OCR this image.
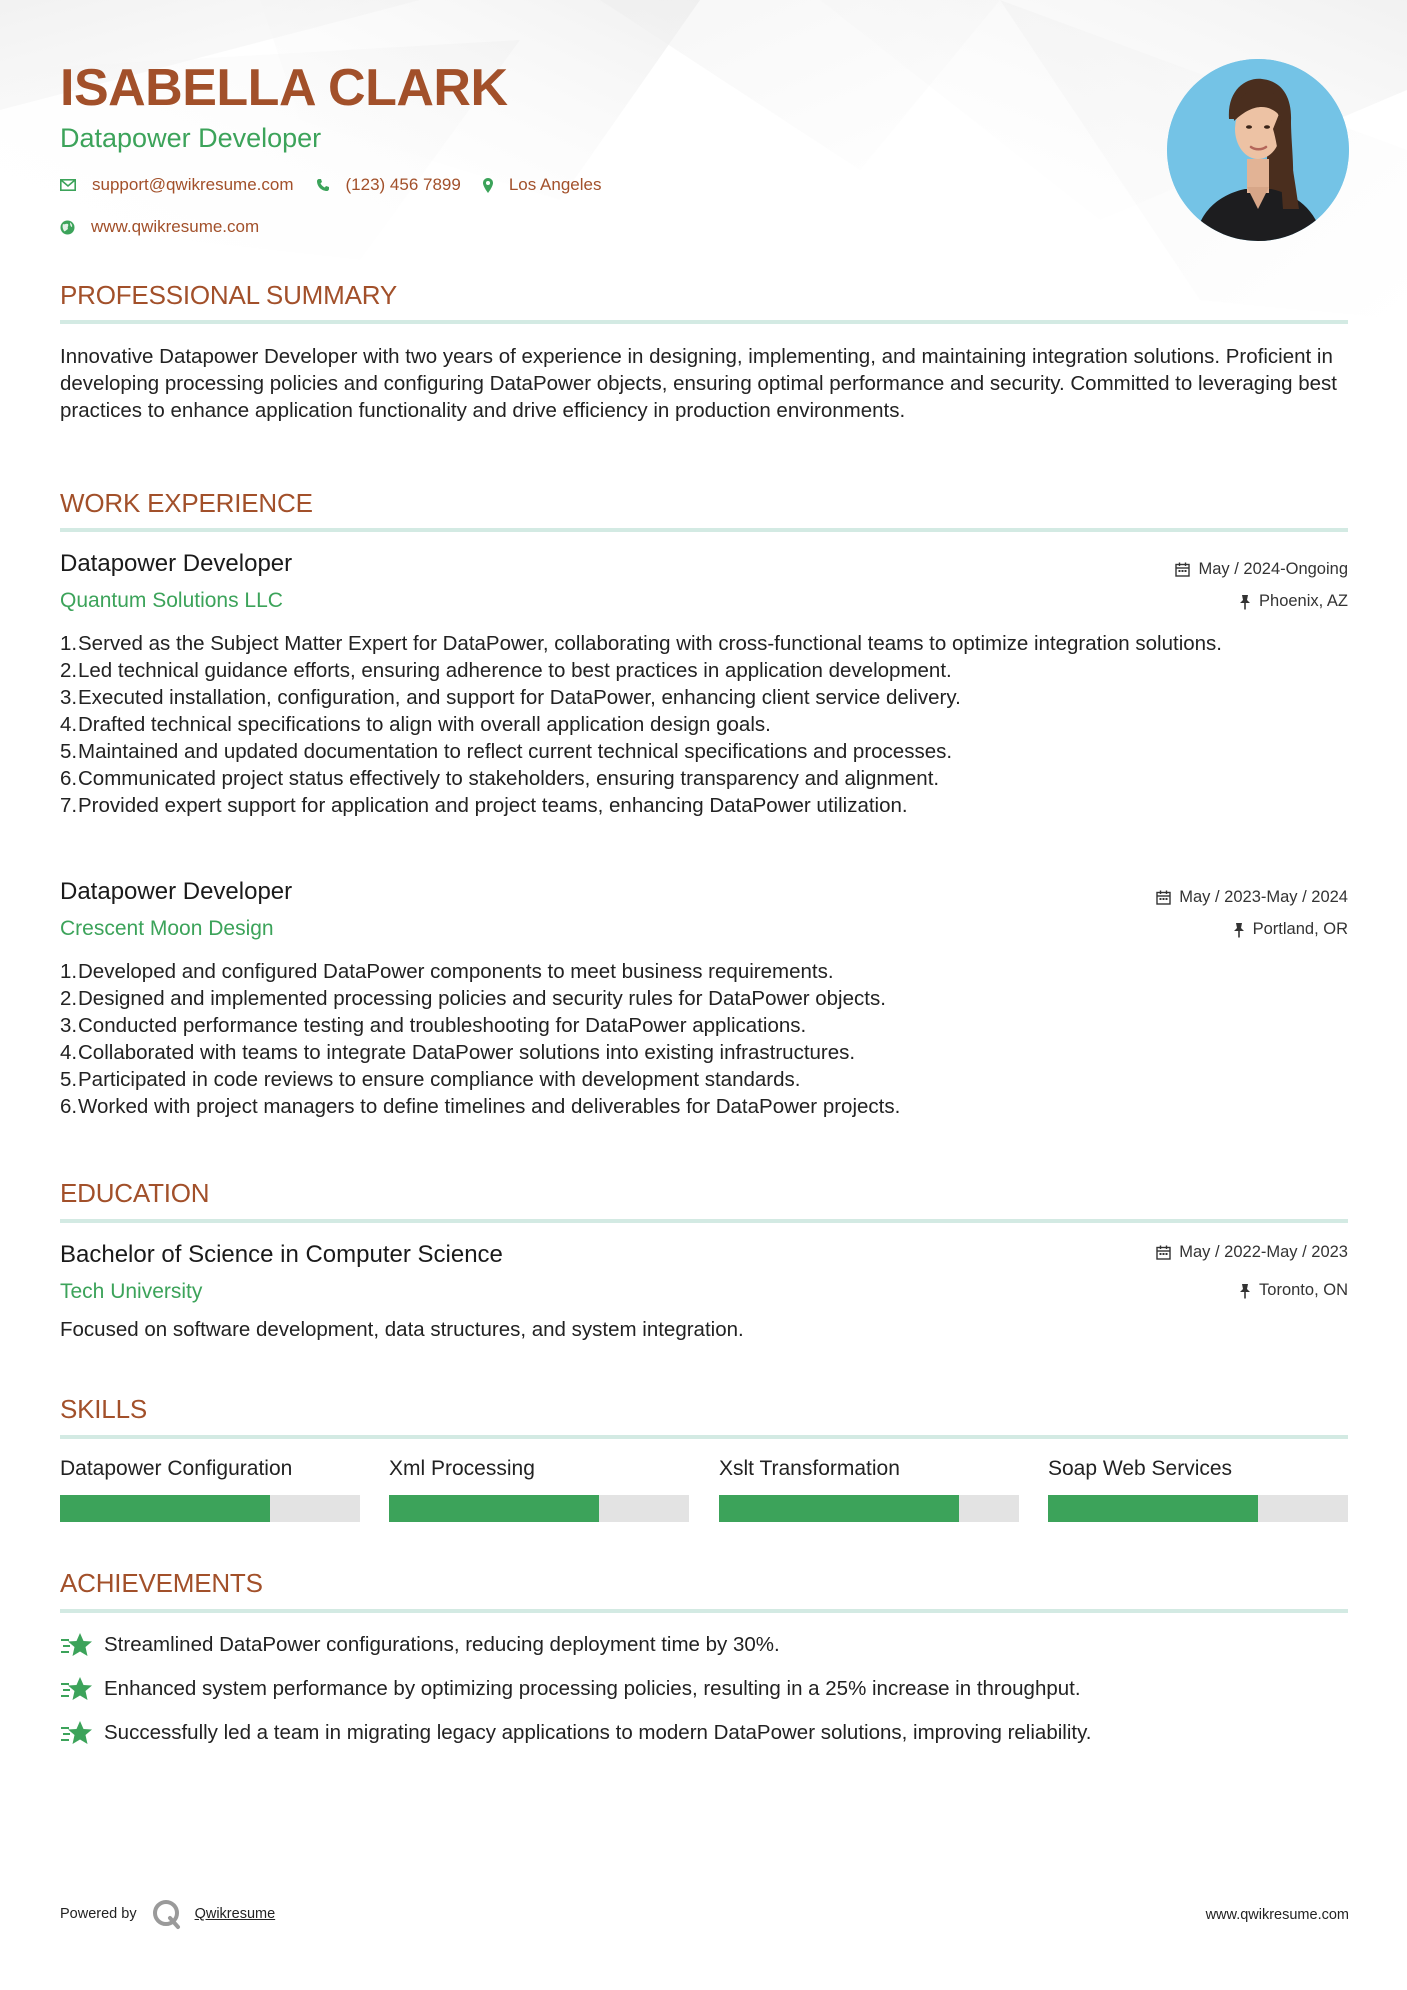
ISABELLA CLARK
Datapower Developer
support@qwikresume.com	(123) 456 7899	Los Angeles
www.qwikresume.com
PROFESSIONAL SUMMARY
Innovative Datapower Developer with two years of experience in designing, implementing, and maintaining integration solutions. Proficient in developing processing policies and configuring DataPower objects, ensuring optimal performance and security. Committed to leveraging best practices to enhance application functionality and drive efficiency in production environments.
WORK EXPERIENCE
Datapower Developer
Quantum Solutions LLC
May / 2024-Ongoing
Phoenix, AZ
1. Served as the Subject Matter Expert for DataPower, collaborating with cross-functional teams to optimize integration solutions.
2. Led technical guidance efforts, ensuring adherence to best practices in application development.
3. Executed installation, configuration, and support for DataPower, enhancing client service delivery.
4. Drafted technical specifications to align with overall application design goals.
5. Maintained and updated documentation to reflect current technical specifications and processes.
6. Communicated project status effectively to stakeholders, ensuring transparency and alignment.
7. Provided expert support for application and project teams, enhancing DataPower utilization.
Datapower Developer
Crescent Moon Design
May / 2023-May / 2024
Portland, OR
1. Developed and configured DataPower components to meet business requirements.
2. Designed and implemented processing policies and security rules for DataPower objects.
3. Conducted performance testing and troubleshooting for DataPower applications.
4. Collaborated with teams to integrate DataPower solutions into existing infrastructures.
5. Participated in code reviews to ensure compliance with development standards.
6. Worked with project managers to define timelines and deliverables for DataPower projects.
EDUCATION
Bachelor of Science in Computer Science
Tech University
May / 2022-May / 2023
Toronto, ON
Focused on software development, data structures, and system integration.
SKILLS
Datapower Configuration	Xml Processing	Xslt Transformation	Soap Web Services
ACHIEVEMENTS
Streamlined DataPower configurations, reducing deployment time by 30%.
Enhanced system performance by optimizing processing policies, resulting in a 25% increase in throughput.
Successfully led a team in migrating legacy applications to modern DataPower solutions, improving reliability.
Powered by	Qwikresume	www.qwikresume.com
